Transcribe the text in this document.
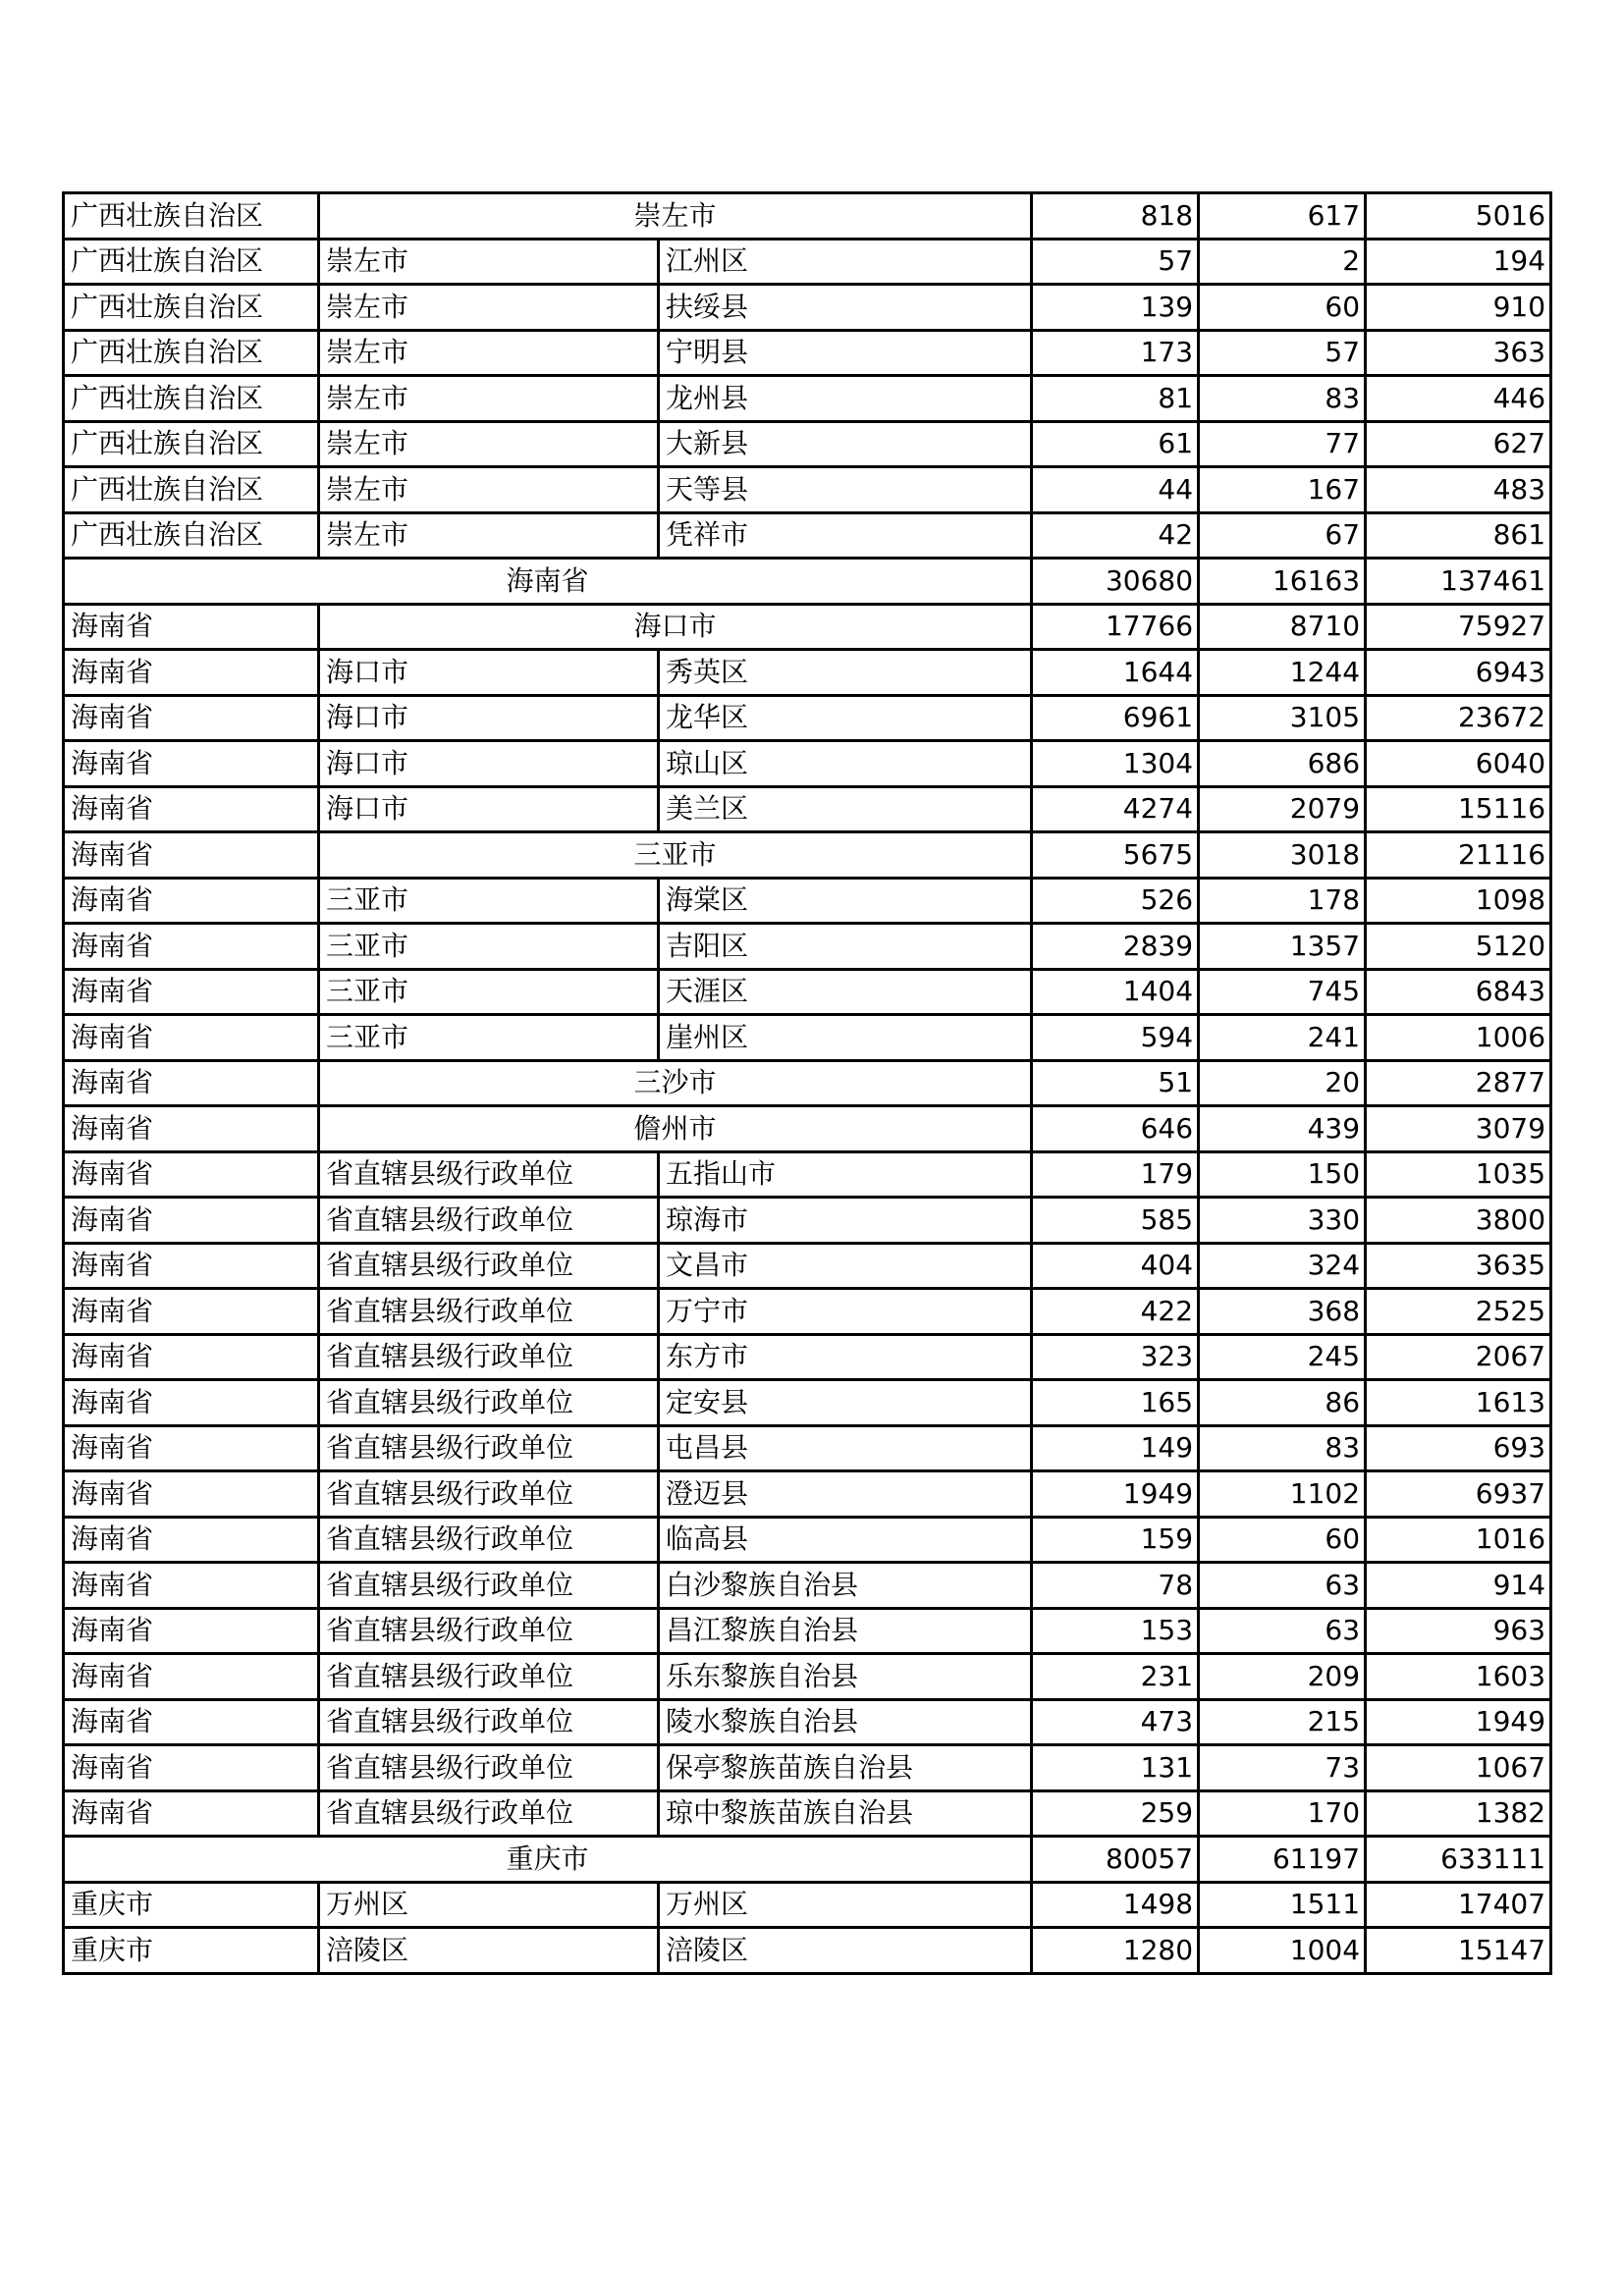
广西壮族自治区	崇左市		818	617	5016
广西壮族自治区	崇左市	江州区	57	2	194
广西壮族自治区	崇左市	扶绥县	139	60	910
广西壮族自治区	崇左市	宁明县	173	57	363
广西壮族自治区	崇左市	龙州县	81	83	446
广西壮族自治区	崇左市	大新县	61	77	627
广西壮族自治区	崇左市	天等县	44	167	483
广西壮族自治区	崇左市	凭祥市	42	67	861
海南省			30680	16163	137461
海南省	海口市		17766	8710	75927
海南省	海口市	秀英区	1644	1244	6943
海南省	海口市	龙华区	6961	3105	23672
海南省	海口市	琼山区	1304	686	6040
海南省	海口市	美兰区	4274	2079	15116
海南省	三亚市		5675	3018	21116
海南省	三亚市	海棠区	526	178	1098
海南省	三亚市	吉阳区	2839	1357	5120
海南省	三亚市	天涯区	1404	745	6843
海南省	三亚市	崖州区	594	241	1006
海南省	三沙市		51	20	2877
海南省	儋州市		646	439	3079
海南省	省直辖县级行政单位	五指山市	179	150	1035
海南省	省直辖县级行政单位	琼海市	585	330	3800
海南省	省直辖县级行政单位	文昌市	404	324	3635
海南省	省直辖县级行政单位	万宁市	422	368	2525
海南省	省直辖县级行政单位	东方市	323	245	2067
海南省	省直辖县级行政单位	定安县	165	86	1613
海南省	省直辖县级行政单位	屯昌县	149	83	693
海南省	省直辖县级行政单位	澄迈县	1949	1102	6937
海南省	省直辖县级行政单位	临高县	159	60	1016
海南省	省直辖县级行政单位	白沙黎族自治县	78	63	914
海南省	省直辖县级行政单位	昌江黎族自治县	153	63	963
海南省	省直辖县级行政单位	乐东黎族自治县	231	209	1603
海南省	省直辖县级行政单位	陵水黎族自治县	473	215	1949
海南省	省直辖县级行政单位	保亭黎族苗族自治县	131	73	1067
海南省	省直辖县级行政单位	琼中黎族苗族自治县	259	170	1382
重庆市			80057	61197	633111
重庆市	万州区	万州区	1498	1511	17407
重庆市	涪陵区	涪陵区	1280	1004	15147
